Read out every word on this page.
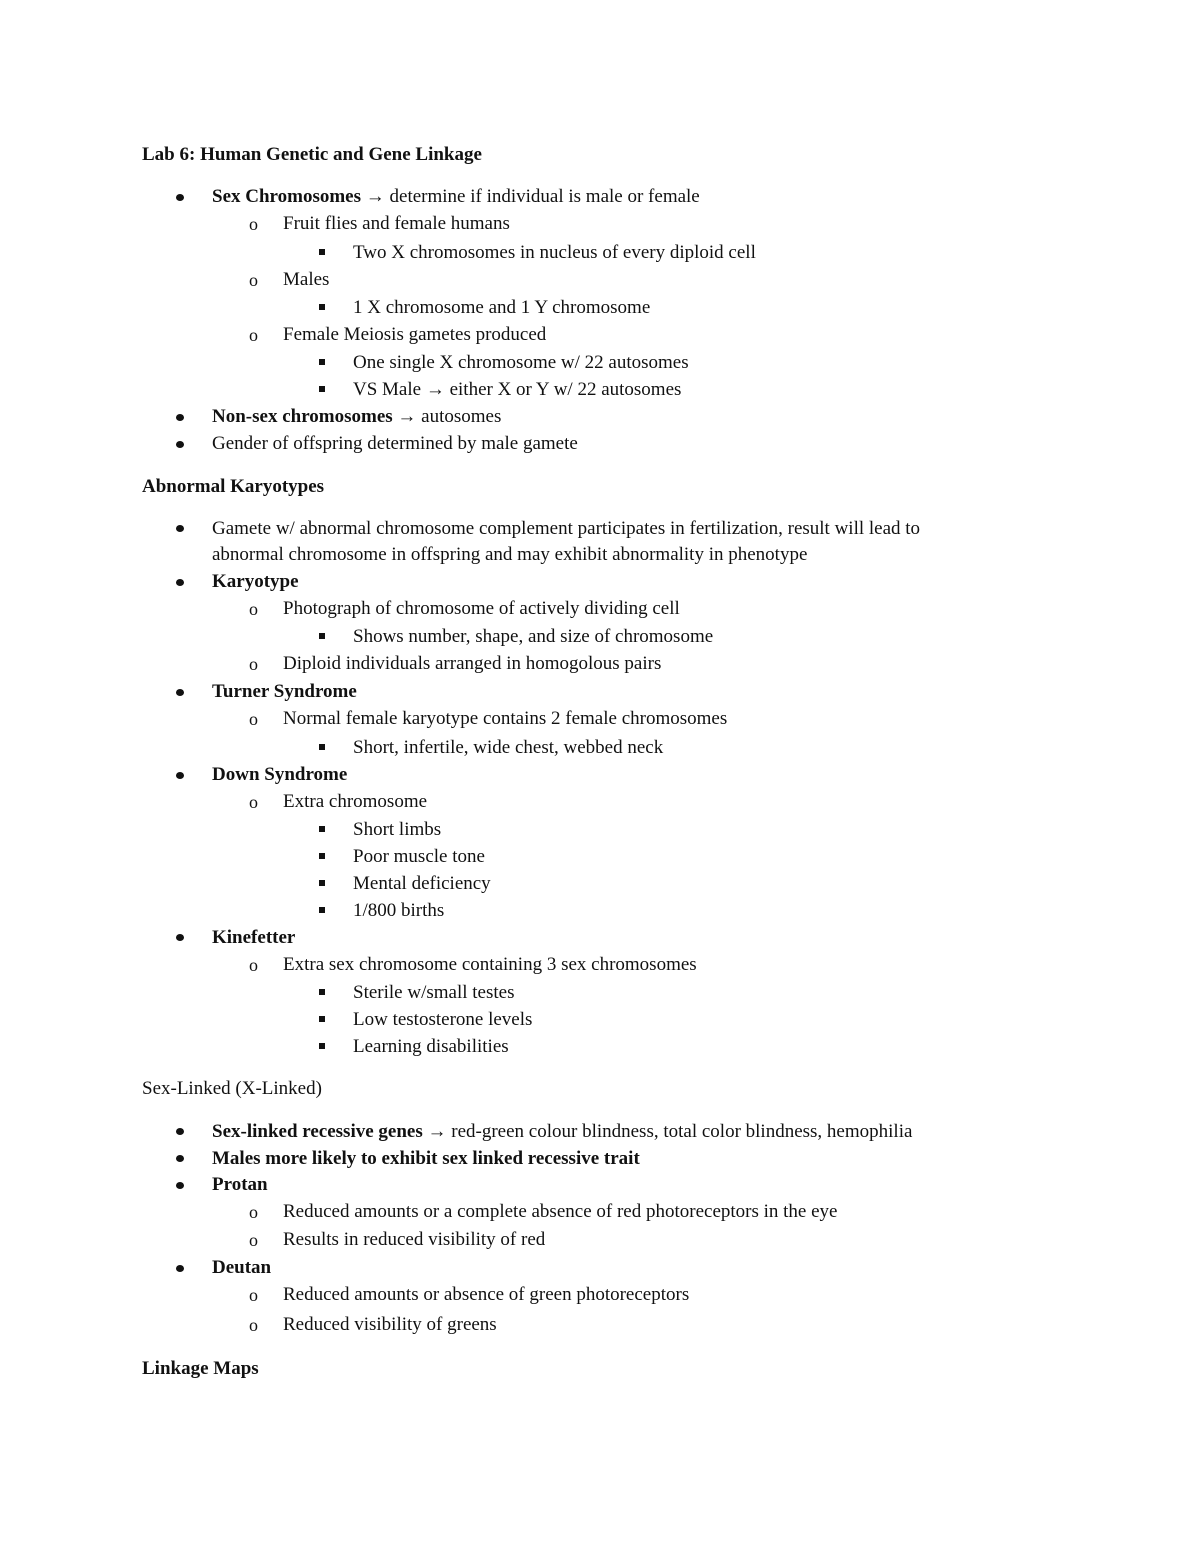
Lab 6: Human Genetic and Gene Linkage
Sex Chromosomes → determine if individual is male or female
o Fruit flies and female humans
Two X chromosomes in nucleus of every diploid cell
o Males
1 X chromosome and 1 Y chromosome
o Female Meiosis gametes produced
One single X chromosome w/ 22 autosomes
VS Male → either X or Y w/ 22 autosomes
Non-sex chromosomes → autosomes
Gender of offspring determined by male gamete
Abnormal Karyotypes
Gamete w/ abnormal chromosome complement participates in fertilization, result will lead to
abnormal chromosome in offspring and may exhibit abnormality in phenotype
Karyotype
o Photograph of chromosome of actively dividing cell
Shows number, shape, and size of chromosome
o Diploid individuals arranged in homogolous pairs
Turner Syndrome
o Normal female karyotype contains 2 female chromosomes
Short, infertile, wide chest, webbed neck
Down Syndrome
o Extra chromosome
Short limbs
Poor muscle tone
Mental deficiency
1/800 births
Kinefetter
o Extra sex chromosome containing 3 sex chromosomes
Sterile w/small testes
Low testosterone levels
Learning disabilities
Sex-Linked (X-Linked)
Sex-linked recessive genes → red-green colour blindness, total color blindness, hemophilia
Males more likely to exhibit sex linked recessive trait
Protan
o Reduced amounts or a complete absence of red photoreceptors in the eye
o Results in reduced visibility of red
Deutan
o Reduced amounts or absence of green photoreceptors
o Reduced visibility of greens
Linkage Maps
